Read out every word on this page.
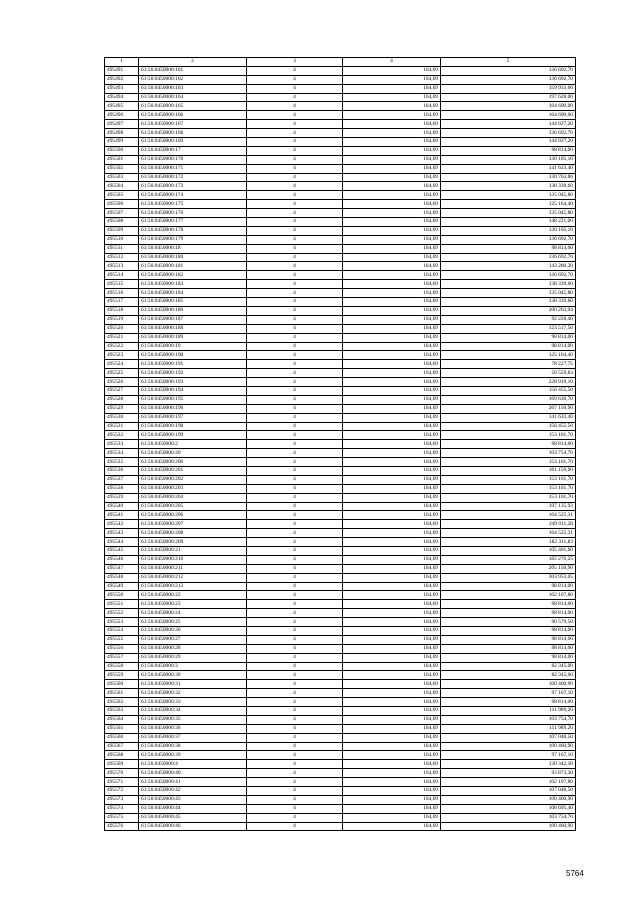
1	2	3	4	5
495491	61:56:0450000:161	4	164,69	136 692,70
495492	61:56:0450000:162	4	164,69	136 692,70
495493	61:56:0450000:163	4	164,69	159 933,66
495494	61:56:0450000:164	4	164,69	197 628,00
495495	61:56:0450000:165	4	164,69	164 690,00
495496	61:56:0450000:166	4	164,69	164 690,00
495497	61:56:0450000:167	4	164,69	144 927,20
495498	61:56:0450000:168	4	164,69	136 692,70
495499	61:56:0450000:169	4	164,69	144 927,20
495500	61:56:0450000:17	4	164,69	98 814,00
495501	61:56:0450000:170	4	164,69	130 105,10
495502	61:56:0450000:171	4	164,69	141 633,40
495503	61:56:0450000:172	4	164,69	130 763,86
495504	61:56:0450000:173	4	164,69	138 339,60
495505	61:56:0450000:174	4	164,69	135 045,80
495506	61:56:0450000:175	4	164,69	125 164,40
495507	61:56:0450000:176	4	164,69	135 045,80
495508	61:56:0450000:177	4	164,69	148 221,00
495509	61:56:0450000:178	4	164,69	130 105,10
495510	61:56:0450000:179	4	164,69	136 692,70
495511	61:56:0450000:18	4	164,69	98 814,00
495512	61:56:0450000:180	4	164,69	136 692,70
495513	61:56:0450000:181	4	164,69	143 280,30
495514	61:56:0450000:182	4	164,69	136 692,70
495515	61:56:0450000:183	4	164,69	138 339,60
495516	61:56:0450000:184	4	164,69	135 045,80
495517	61:56:0450000:185	4	164,69	138 339,60
495518	61:56:0450000:186	4	164,69	200 263,04
495519	61:56:0450000:187	4	164,69	92 226,40
495520	61:56:0450000:188	4	164,69	123 517,50
495521	61:56:0450000:189	4	164,69	98 814,00
495522	61:56:0450000:19	4	164,69	98 814,00
495523	61:56:0450000:190	4	164,69	125 164,40
495524	61:56:0450000:191	4	164,69	78 227,75
495525	61:56:0450000:192	4	164,69	50 559,83
495526	61:56:0450000:193	4	164,69	228 919,10
495527	61:56:0450000:194	4	164,69	156 455,50
495528	61:56:0450000:195	4	164,69	169 630,70
495529	61:56:0450000:196	4	164,69	267 150,90
495530	61:56:0450000:197	4	164,69	141 633,40
495531	61:56:0450000:198	4	164,69	156 455,50
495532	61:56:0450000:199	4	164,69	153 161,70
495533	61:56:0450000:2	4	164,69	98 814,00
495534	61:56:0450000:20	4	164,69	103 754,70
495535	61:56:0450000:200	4	164,69	153 161,70
495536	61:56:0450000:201	4	164,69	181 159,00
495537	61:56:0450000:202	4	164,69	153 161,70
495538	61:56:0450000:203	4	164,69	153 161,70
495539	61:56:0450000:204	4	164,69	153 161,70
495540	61:56:0450000:205	4	164,69	197 135,93
495541	61:56:0450000:206	4	164,69	164 525,31
495542	61:56:0450000:207	4	164,69	249 011,28
495543	61:56:0450000:208	4	164,69	164 525,31
495544	61:56:0450000:209	4	164,69	182 311,83
495545	61:56:0450000:21	4	164,69	105 401,60
495546	61:56:0450000:210	4	164,69	185 276,25
495547	61:56:0450000:211	4	164,69	265 150,90
495548	61:56:0450000:212	4	164,69	303 953,05
495549	61:56:0450000:213	4	164,69	98 814,00
495550	61:56:0450000:22	4	164,69	102 107,80
495551	61:56:0450000:23	4	164,69	98 814,00
495552	61:56:0450000:24	4	164,69	98 814,00
495553	61:56:0450000:25	4	164,69	90 579,50
495554	61:56:0450000:26	4	164,69	98 814,00
495555	61:56:0450000:27	4	164,69	98 814,00
495556	61:56:0450000:28	4	164,69	98 814,00
495557	61:56:0450000:29	4	164,69	98 814,00
495558	61:56:0450000:3	4	164,69	82 345,00
495559	61:56:0450000:30	4	164,69	82 345,00
495560	61:56:0450000:31	4	164,69	100 460,90
495561	61:56:0450000:32	4	164,69	97 167,10
495562	61:56:0450000:33	4	164,69	98 814,00
495563	61:56:0450000:34	4	164,69	111 989,20
495564	61:56:0450000:35	4	164,69	103 754,70
495565	61:56:0450000:36	4	164,69	111 989,20
495566	61:56:0450000:37	4	164,69	107 048,50
495567	61:56:0450000:38	4	164,69	100 460,90
495568	61:56:0450000:39	4	164,69	97 167,10
495569	61:56:0450000:4	4	164,69	130 342,30
495570	61:56:0450000:40	4	164,69	93 873,30
495571	61:56:0450000:41	4	164,69	102 107,80
495572	61:56:0450000:42	4	164,69	107 048,50
495573	61:56:0450000:43	4	164,69	100 460,90
495574	61:56:0450000:44	4	164,69	108 695,40
495575	61:56:0450000:45	4	164,69	103 754,70
495576	61:56:0450000:46	4	164,69	100 460,90
5764
